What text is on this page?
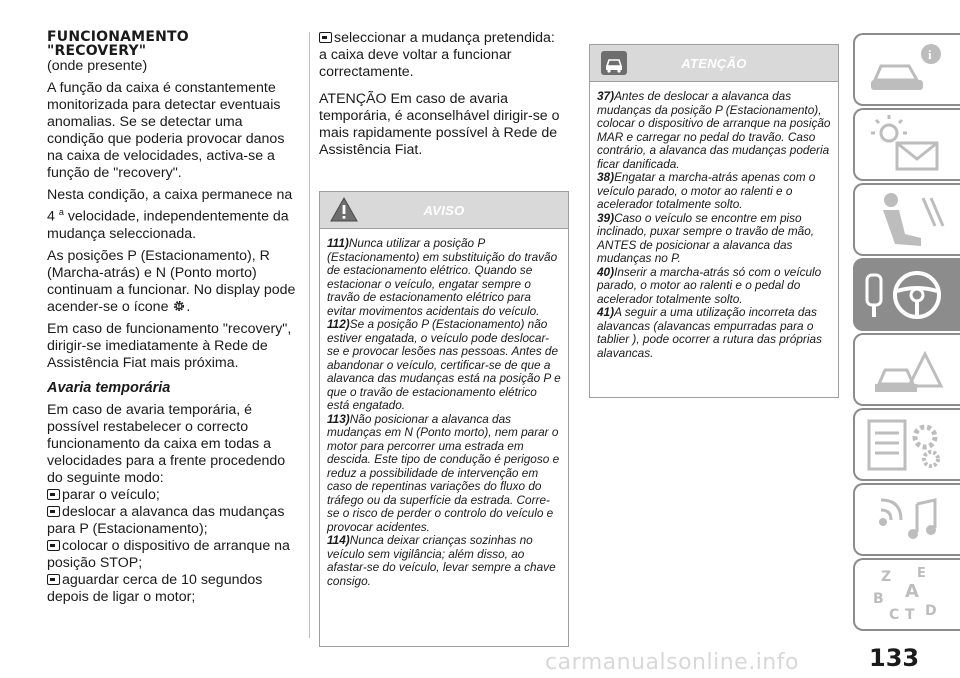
FUNCIONAMENTO
"RECOVERY"

(onde presente)

A função da caixa é constantemente monitorizada para detectar eventuais anomalias. Se se detectar uma condição que poderia provocar danos na caixa de velocidades, activa-se a função de "recovery".

Nesta condição, a caixa permanece na 4 $^a$ velocidade, independentemente da mudança seleccionada.

As posições P (Estacionamento), R (Marcha-atrás) e N (Ponto morto) continuam a funcionar. No display pode acender-se o ícone .

Em caso de funcionamento "recovery", dirigir-se imediatamente à Rede de Assistência Fiat mais próxima.

Avaria temporária

Em caso de avaria temporária, é possível restabelecer o correcto funcionamento da caixa em todas a velocidades para a frente procedendo do seguinte modo:

parar o veículo;
deslocar a alavanca das mudanças para P (Estacionamento);
colocar o dispositivo de arranque na posição STOP;
aguardar cerca de 10 segundos depois de ligar o motor;
seleccionar a mudança pretendida:

a caixa deve voltar a funcionar correctamente.

ATENÇÃO Em caso de avaria temporária, é aconselhável dirigir-se o mais rapidamente possível à Rede de Assistência Fiat.

AVISO
111)Nunca utilizar a posição P (Estacionamento) em substituição do travão de estacionamento elétrico. Quando se estacionar o veículo, engatar sempre o travão de estacionamento elétrico para evitar movimentos acidentais do veículo.
112)Se a posição P (Estacionamento) não estiver engatada, o veículo pode deslocar-se e provocar lesões nas pessoas. Antes de abandonar o veículo, certificar-se de que a alavanca das mudanças está na posição P e que o travão de estacionamento elétrico está engatado.
113)Não posicionar a alavanca das mudanças em N (Ponto morto), nem parar o motor para percorrer uma estrada em descida. Este tipo de condução é perigoso e reduz a possibilidade de intervenção em caso de repentinas variações do fluxo do tráfego ou da superfície da estrada. Corre-se o risco de perder o controlo do veículo e provocar acidentes.
114)Nunca deixar crianças sozinhas no veículo sem vigilância; além disso, ao afastar-se do veículo, levar sempre a chave consigo.
ATENÇÃO
37)Antes de deslocar a alavanca das mudanças da posição P (Estacionamento), colocar o dispositivo de arranque na posição MAR e carregar no pedal do travão. Caso contrário, a alavanca das mudanças poderia ficar danificada.
38)Engatar a marcha-atrás apenas com o veículo parado, o motor ao ralenti e o acelerador totalmente solto.
39)Caso o veículo se encontre em piso inclinado, puxar sempre o travão de mão, ANTES de posicionar a alavanca das mudanças no P.
40)Inserir a marcha-atrás só com o veículo parado, o motor ao ralenti e o pedal do acelerador totalmente solto.
41)A seguir a uma utilização incorreta das alavancas (alavancas empurradas para o tablier ), pode ocorrer a rutura das próprias alavancas.
i
Z E
A
B
C T D
carmanualsonline.info	133
